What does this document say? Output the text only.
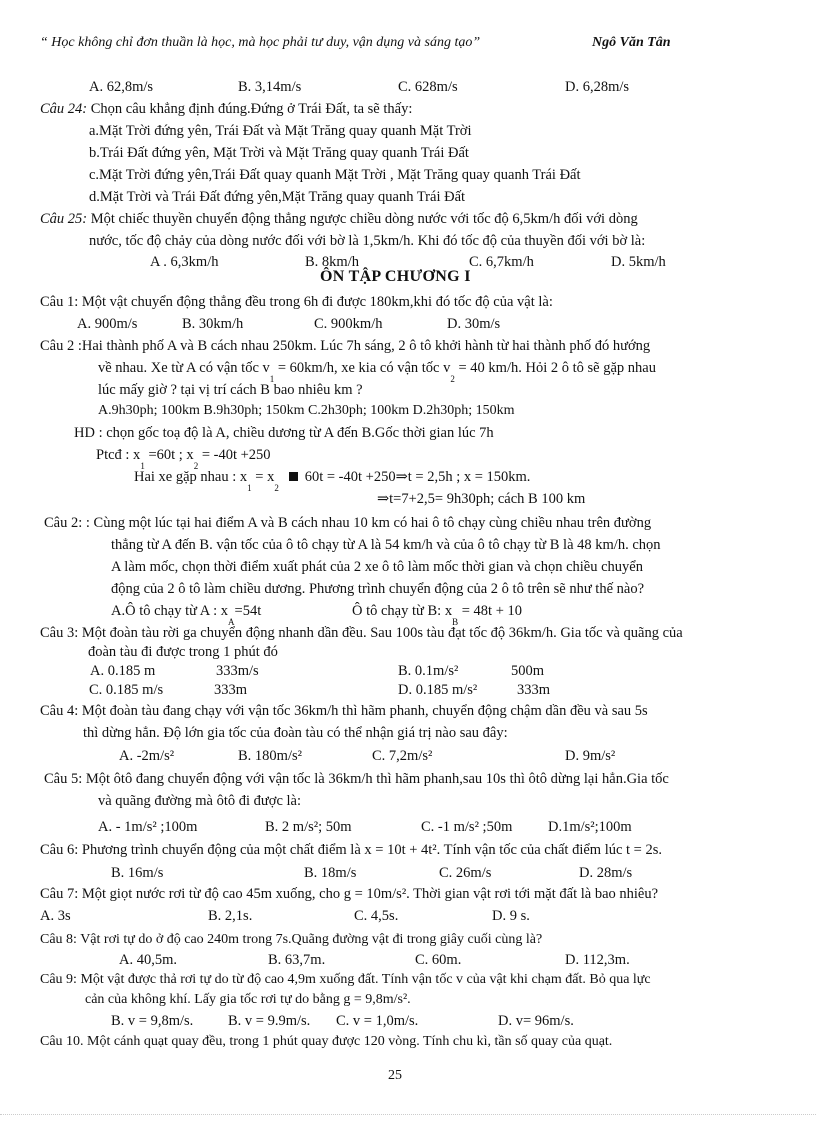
“ Học không chỉ đơn thuần là học, mà học phải tư duy, vận dụng và sáng tạo”	Ngô Văn Tân
A. 62,8m/s	B. 3,14m/s	C. 628m/s	D. 6,28m/s
Câu 24: Chọn câu khẳng định đúng.Đứng ở Trái Đất, ta sẽ thấy:
a.Mặt Trời đứng yên, Trái Đất và Mặt Trăng quay quanh Mặt Trời
b.Trái Đất đứng yên, Mặt Trời và Mặt Trăng quay quanh Trái Đất
c.Mặt Trời đứng yên,Trái Đất quay quanh Mặt Trời , Mặt Trăng quay quanh Trái Đất
d.Mặt Trời và Trái Đất đứng yên,Mặt Trăng quay quanh Trái Đất
Câu 25: Một chiếc thuyền chuyển động thẳng ngược chiều dòng nước với tốc độ 6,5km/h đối với dòng
nước, tốc độ chảy của dòng nước đối với bờ là 1,5km/h. Khi đó tốc độ của thuyền đối với bờ là:
A . 6,3km/h	B. 8km/h	C. 6,7km/h	D. 5km/h
ÔN TẬP CHƯƠNG I
Câu 1: Một vật chuyển động thẳng đều trong 6h đi được 180km,khi đó tốc độ của vật là:
A. 900m/s	B. 30km/h	C. 900km/h	D. 30m/s
Câu 2 :Hai thành phố A và B cách nhau 250km. Lúc 7h sáng, 2 ô tô khởi hành từ hai thành phố đó hướng
về nhau. Xe từ A có vận tốc $v_1 = 60km/h$, xe kia có vận tốc $v_2 = 40$ km/h. Hỏi 2 ô tô sẽ gặp nhau
lúc mấy giờ ? tại vị trí cách B bao nhiêu km ?
A.9h30ph; 100km B.9h30ph; 150km C.2h30ph; 100km D.2h30ph; 150km
HD : chọn gốc toạ độ là A, chiều dương từ A đến B.Gốc thời gian lúc 7h
Ptcđ : $x_1 =60t$ ; $x_2 = -40t +250$
Hai xe gặp nhau : $x_1 = x_2$   60t = -40t +250⇒t = 2,5h ; x = 150km.
⇒t=7+2,5= 9h30ph; cách B 100 km
Câu 2: : Cùng một lúc tại hai điểm A và B cách nhau 10 km có hai ô tô chạy cùng chiều nhau trên đường
thẳng từ A đến B. vận tốc của ô tô chạy từ A là 54 km/h và của ô tô chạy từ B là 48 km/h. chọn
A làm mốc, chọn thời điểm xuất phát của 2 xe ô tô làm mốc thời gian và chọn chiều chuyển
động của 2 ô tô làm chiều dương. Phương trình chuyển động của 2 ô tô trên sẽ như thế nào?
A.Ô tô chạy từ A : $x_A=54t$	Ô tô chạy từ B: $x_B = 48t + 10$
Câu 3: Một đoàn tàu rời ga chuyển động nhanh dần đều. Sau 100s tàu đạt tốc độ 36km/h. Gia tốc và quãng của
đoàn tàu đi được trong 1 phút đó
A. 0.185 m	333m/s	B. 0.1m/s²	500m
C. 0.185 m/s	333m	D. 0.185 m/s²	333m
Câu 4: Một đoàn tàu đang chạy với vận tốc 36km/h thì hãm phanh, chuyển động chậm dần đều và sau 5s
thì dừng hẳn. Độ lớn gia tốc của đoàn tàu có thể nhận giá trị nào sau đây:
A. -2m/s²	B. 180m/s²	C. 7,2m/s²	D. 9m/s²
Câu 5: Một ôtô đang chuyển động với vận tốc là 36km/h thì hãm phanh,sau 10s thì ôtô dừng lại hẳn.Gia tốc
và quãng đường mà ôtô đi được là:
A. - 1m/s² ;100m	B. 2 m/s²; 50m	C. -1 m/s² ;50m D.1m/s²;100m
Câu 6: Phương trình chuyển động của một chất điểm là x = 10t + 4t². Tính vận tốc của chất điểm lúc t = 2s.
B. 16m/s	B. 18m/s	C. 26m/s	D. 28m/s
Câu 7: Một giọt nước rơi từ độ cao 45m xuống, cho g = 10m/s². Thời gian vật rơi tới mặt đất là bao nhiêu?
A. 3s	B. 2,1s.	C. 4,5s.	D. 9 s.
Câu 8: Vật rơi tự do ở độ cao 240m trong 7s.Quãng đường vật đi trong giây cuối cùng là?
A. 40,5m.	B. 63,7m.	C. 60m.	D. 112,3m.
Câu 9: Một vật được thả rơi tự do từ độ cao 4,9m xuống đất. Tính vận tốc v của vật khi chạm đất. Bỏ qua lực
cản của không khí. Lấy gia tốc rơi tự do bằng g = 9,8m/s².
B. v = 9,8m/s. B. v = 9.9m/s. C. v = 1,0m/s.	D. v= 96m/s.
Câu 10. Một cánh quạt quay đều, trong 1 phút quay được 120 vòng. Tính chu kì, tần số quay của quạt.
25
